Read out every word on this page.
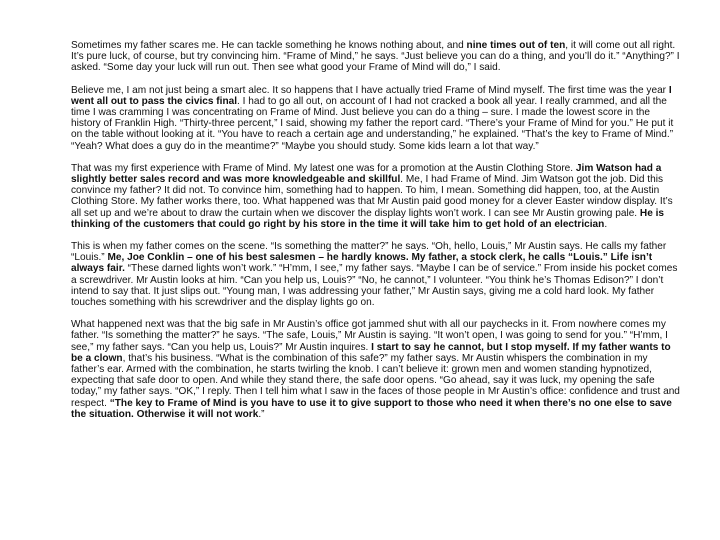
Sometimes my father scares me. He can tackle something he knows nothing about, and nine times out of ten, it will come out all right. It’s pure luck, of course, but try convincing him. “Frame of Mind,” he says. “Just believe you can do a thing, and you’ll do it.” “Anything?” I asked. “Some day your luck will run out. Then see what good your Frame of Mind will do,” I said.

Believe me, I am not just being a smart alec. It so happens that I have actually tried Frame of Mind myself. The first time was the year I went all out to pass the civics final. I had to go all out, on account of I had not cracked a book all year. I really crammed, and all the time I was cramming I was concentrating on Frame of Mind. Just believe you can do a thing – sure. I made the lowest score in the history of Franklin High. “Thirty-three percent,” I said, showing my father the report card. “There’s your Frame of Mind for you.” He put it on the table without looking at it. “You have to reach a certain age and understanding,” he explained. “That’s the key to Frame of Mind.” “Yeah? What does a guy do in the meantime?” “Maybe you should study. Some kids learn a lot that way.”

That was my first experience with Frame of Mind. My latest one was for a promotion at the Austin Clothing Store. Jim Watson had a slightly better sales record and was more knowledgeable and skillful. Me, I had Frame of Mind. Jim Watson got the job. Did this convince my father? It did not. To convince him, something had to happen. To him, I mean. Something did happen, too, at the Austin Clothing Store. My father works there, too. What happened was that Mr Austin paid good money for a clever Easter window display. It’s all set up and we’re about to draw the curtain when we discover the display lights won’t work. I can see Mr Austin growing pale. He is thinking of the customers that could go right by his store in the time it will take him to get hold of an electrician.

This is when my father comes on the scene. “Is something the matter?” he says. “Oh, hello, Louis,” Mr Austin says. He calls my father “Louis.” Me, Joe Conklin – one of his best salesmen – he hardly knows. My father, a stock clerk, he calls “Louis.” Life isn’t always fair. “These darned lights won’t work.” “H’mm, I see,” my father says. “Maybe I can be of service.” From inside his pocket comes a screwdriver. Mr Austin looks at him. “Can you help us, Louis?” “No, he cannot,” I volunteer. “You think he’s Thomas Edison?” I don’t intend to say that. It just slips out. “Young man, I was addressing your father,” Mr Austin says, giving me a cold hard look. My father touches something with his screwdriver and the display lights go on.

What happened next was that the big safe in Mr Austin’s office got jammed shut with all our paychecks in it. From nowhere comes my father. “Is something the matter?” he says. “The safe, Louis,” Mr Austin is saying. “It won’t open, I was going to send for you.” “H’mm, I see,” my father says. “Can you help us, Louis?” Mr Austin inquires. I start to say he cannot, but I stop myself. If my father wants to be a clown, that’s his business. “What is the combination of this safe?” my father says. Mr Austin whispers the combination in my father’s ear. Armed with the combination, he starts twirling the knob. I can’t believe it: grown men and women standing hypnotized, expecting that safe door to open. And while they stand there, the safe door opens. “Go ahead, say it was luck, my opening the safe today,” my father says. “OK,” I reply. Then I tell him what I saw in the faces of those people in Mr Austin’s office: confidence and trust and respect. “The key to Frame of Mind is you have to use it to give support to those who need it when there’s no one else to save the situation. Otherwise it will not work.”
